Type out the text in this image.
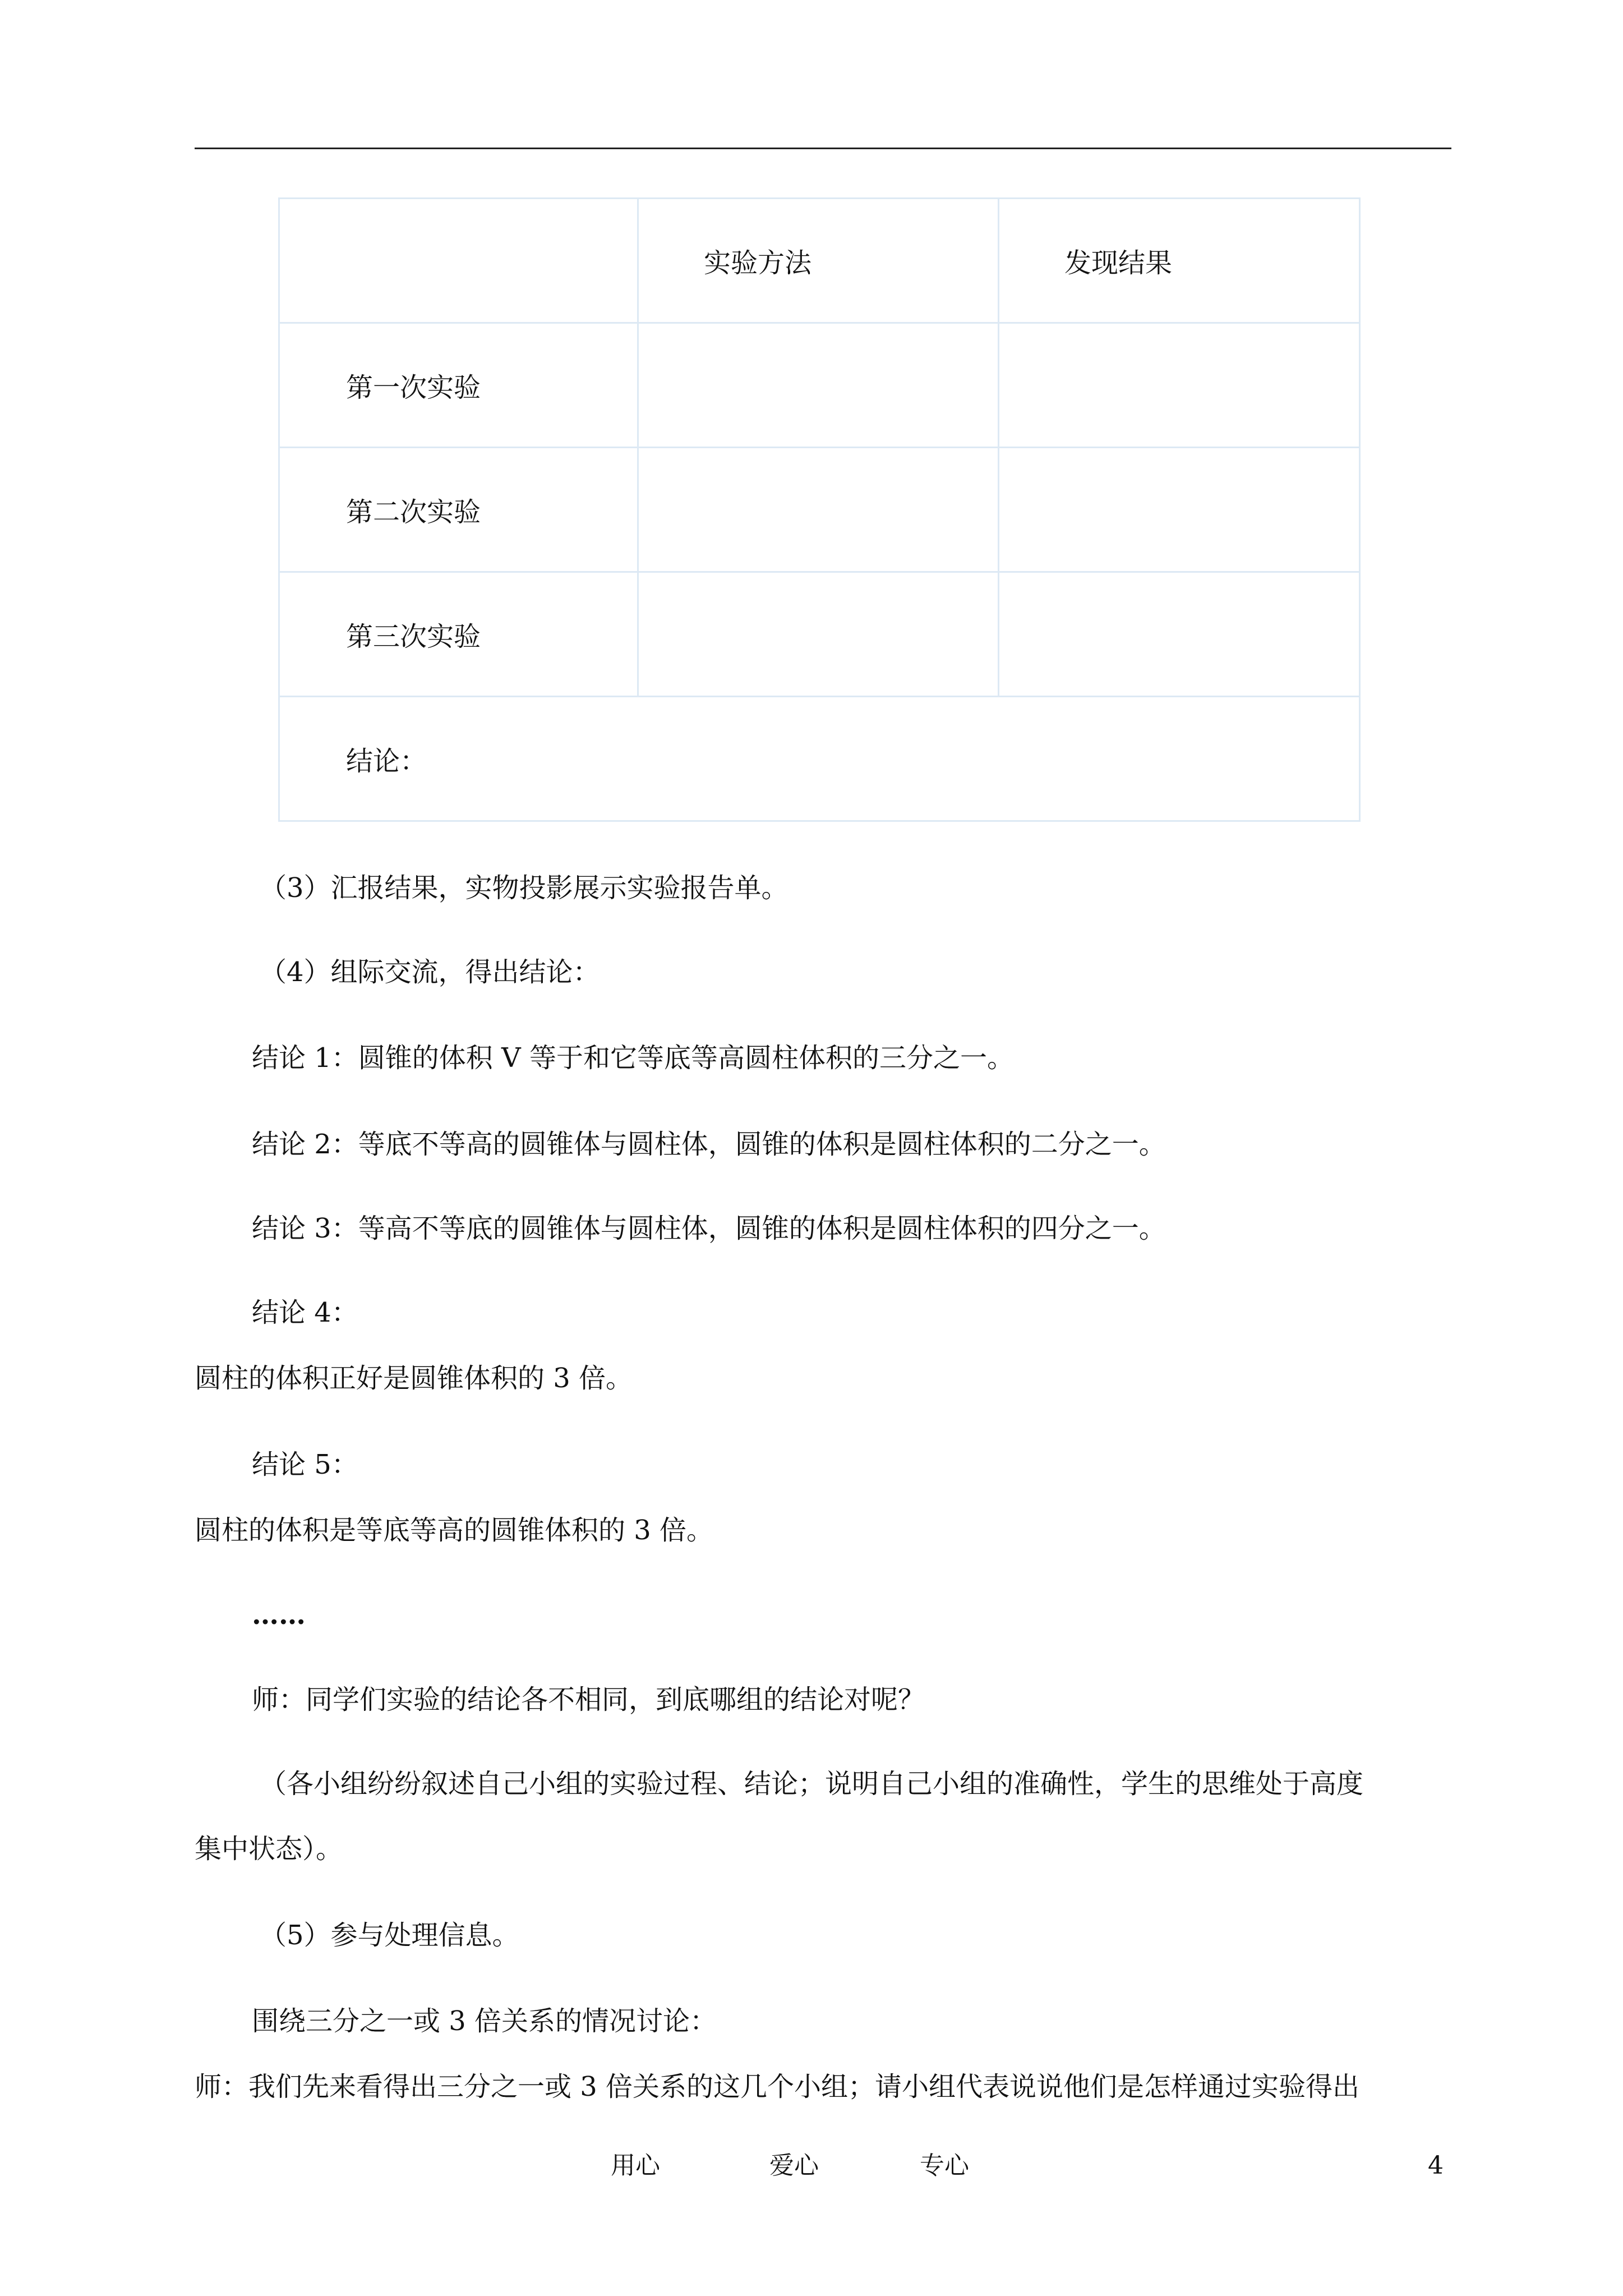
	实验方法	发现结果
第一次实验		
第二次实验		
第三次实验		
结论：		
（3）汇报结果，实物投影展示实验报告单。
（4）组际交流，得出结论：
结论 1：圆锥的体积 V 等于和它等底等高圆柱体积的三分之一。
结论 2：等底不等高的圆锥体与圆柱体，圆锥的体积是圆柱体积的二分之一。
结论 3：等高不等底的圆锥体与圆柱体，圆锥的体积是圆柱体积的四分之一。
结论 4：
圆柱的体积正好是圆锥体积的 3 倍。
结论 5：
圆柱的体积是等底等高的圆锥体积的 3 倍。
……
师：同学们实验的结论各不相同，到底哪组的结论对呢？
（各小组纷纷叙述自己小组的实验过程、结论；说明自己小组的准确性，学生的思维处于高度
集中状态）。
（5）参与处理信息。
围绕三分之一或 3 倍关系的情况讨论：
师：我们先来看得出三分之一或 3 倍关系的这几个小组；请小组代表说说他们是怎样通过实验得出
用心	爱心	专心	4
